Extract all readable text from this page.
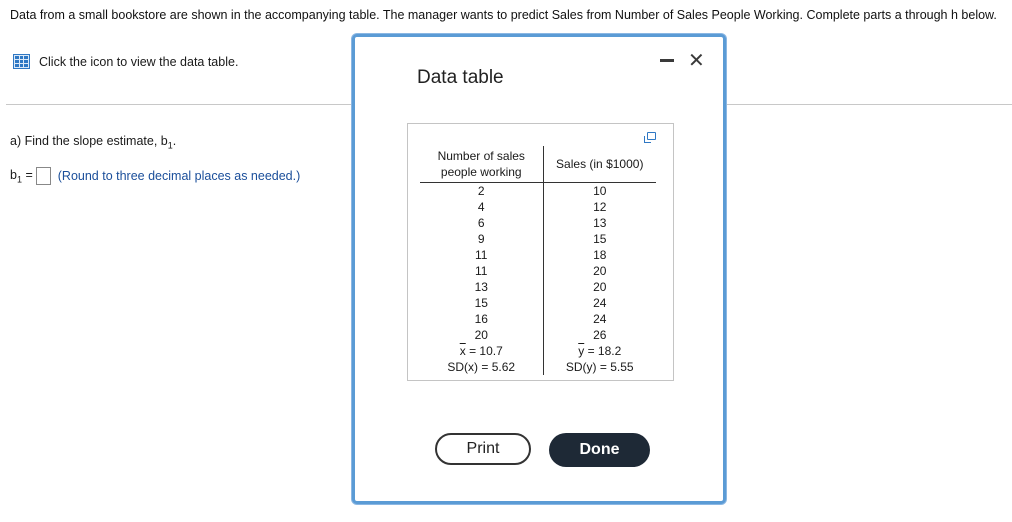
Data from a small bookstore are shown in the accompanying table. The manager wants to predict Sales from Number of Sales People Working. Complete parts a through h below.
Click the icon to view the data table.
a) Find the slope estimate, $b_1$.
$b_1$ = (Round to three decimal places as needed.)
Data table
✕
Number of sales people working	Sales (in $1000)
2	10
4	12
6	13
9	15
11	18
11	20
13	20
15	24
16	24
20	26
$\overline{x} = 10.7$	$\overline{y} = 18.2$
SD(x) = 5.62	SD(y) = 5.55
Print	Done
